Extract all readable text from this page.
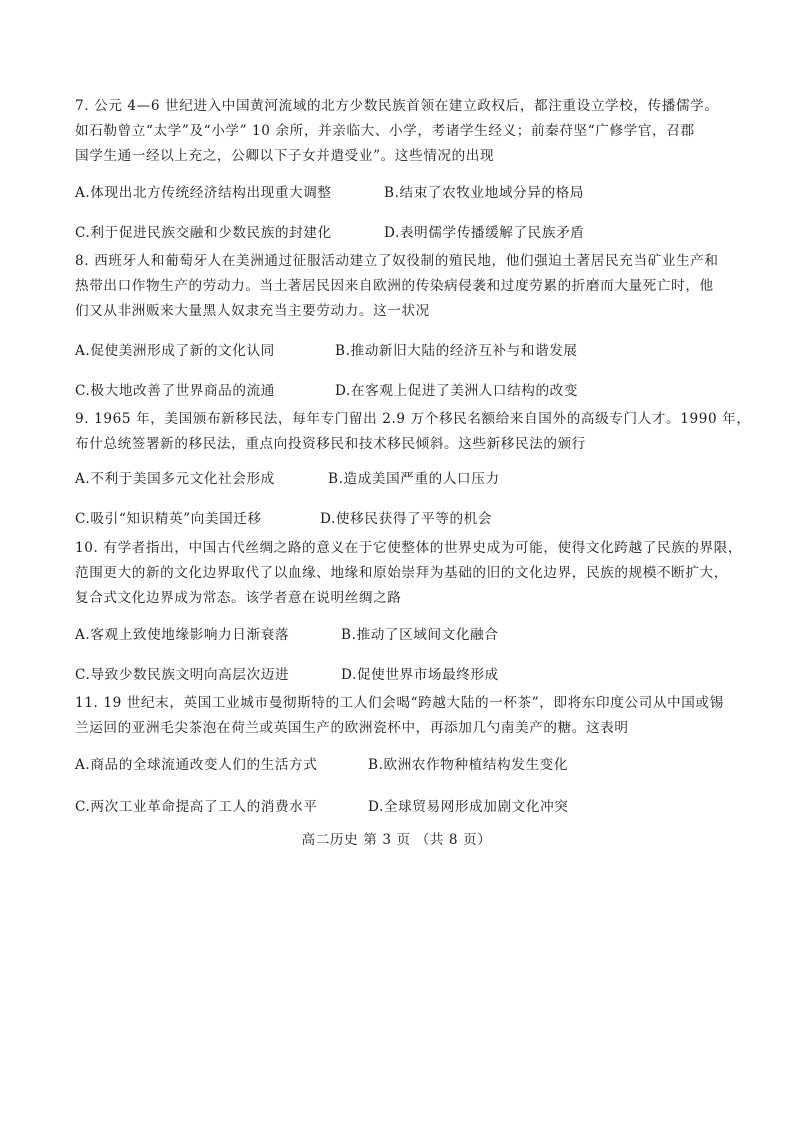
7. 公元 4—6 世纪进入中国黄河流域的北方少数民族首领在建立政权后，都注重设立学校，传播儒学。

如石勒曾立“太学”及“小学” 10 余所，并亲临大、小学，考诸学生经义；前秦苻坚“广修学官，召郡

国学生通一经以上充之，公卿以下子女并遣受业”。这些情况的出现

A.体现出北方传统经济结构出现重大调整	B.结束了农牧业地域分异的格局
C.利于促进民族交融和少数民族的封建化	D.表明儒学传播缓解了民族矛盾

8. 西班牙人和葡萄牙人在美洲通过征服活动建立了奴役制的殖民地，他们强迫土著居民充当矿业生产和

热带出口作物生产的劳动力。当土著居民因来自欧洲的传染病侵袭和过度劳累的折磨而大量死亡时，他

们又从非洲贩来大量黑人奴隶充当主要劳动力。这一状况

A.促使美洲形成了新的文化认同	B.推动新旧大陆的经济互补与和谐发展
C.极大地改善了世界商品的流通	D.在客观上促进了美洲人口结构的改变

9. 1965 年，美国颁布新移民法，每年专门留出 2.9 万个移民名额给来自国外的高级专门人才。1990 年，

布什总统签署新的移民法，重点向投资移民和技术移民倾斜。这些新移民法的颁行

A.不利于美国多元文化社会形成	B.造成美国严重的人口压力
C.吸引“知识精英”向美国迁移	D.使移民获得了平等的机会

10. 有学者指出，中国古代丝绸之路的意义在于它使整体的世界史成为可能，使得文化跨越了民族的界限，

范围更大的新的文化边界取代了以血缘、地缘和原始崇拜为基础的旧的文化边界，民族的规模不断扩大，

复合式文化边界成为常态。该学者意在说明丝绸之路

A.客观上致使地缘影响力日渐衰落	B.推动了区域间文化融合
C.导致少数民族文明向高层次迈进	D.促使世界市场最终形成

11. 19 世纪末，英国工业城市曼彻斯特的工人们会喝“跨越大陆的一杯茶”，即将东印度公司从中国或锡

兰运回的亚洲毛尖茶泡在荷兰或英国生产的欧洲瓷杯中，再添加几勺南美产的糖。这表明

A.商品的全球流通改变人们的生活方式	B.欧洲农作物种植结构发生变化
C.两次工业革命提高了工人的消费水平	D.全球贸易网形成加剧文化冲突
高二历史 第 3 页 （共 8 页）
